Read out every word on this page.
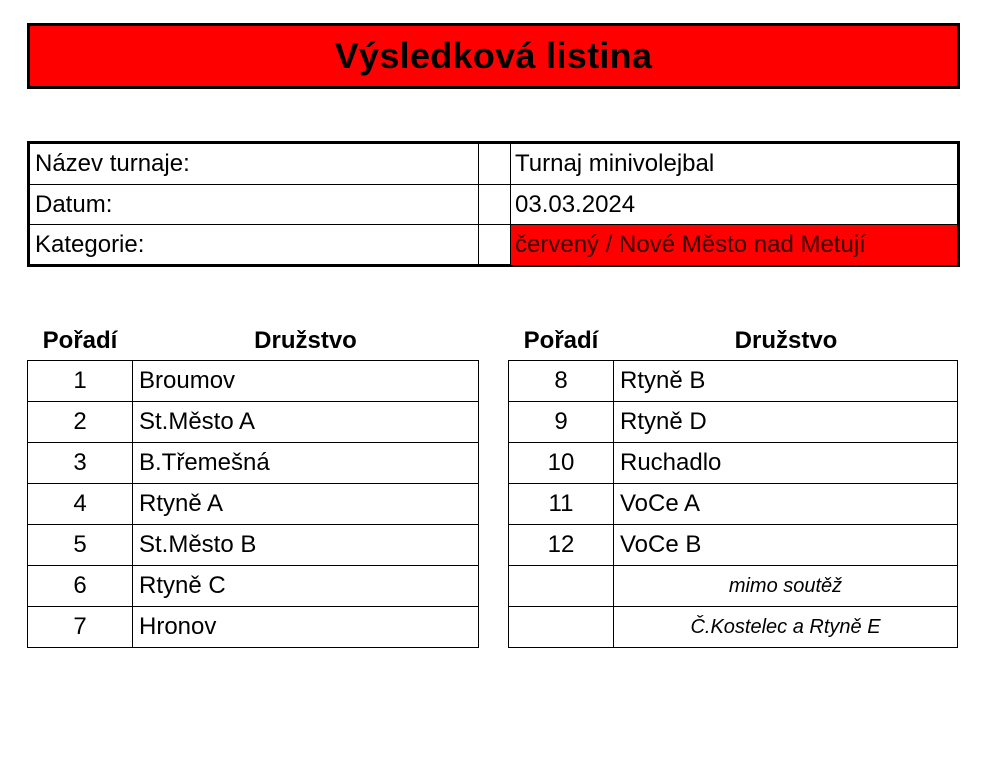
Výsledková listina
Název turnaje:	Turnaj minivolejbal
Datum:	03.03.2024
Kategorie:	červený / Nové Město nad Metují
Pořadí	Družstvo
1	Broumov
2	St.Město A
3	B.Třemešná
4	Rtyně A
5	St.Město B
6	Rtyně C
7	Hronov
Pořadí	Družstvo
8	Rtyně B
9	Rtyně D
10	Ruchadlo
11	VoCe A
12	VoCe B
	mimo soutěž
	Č.Kostelec a Rtyně E
